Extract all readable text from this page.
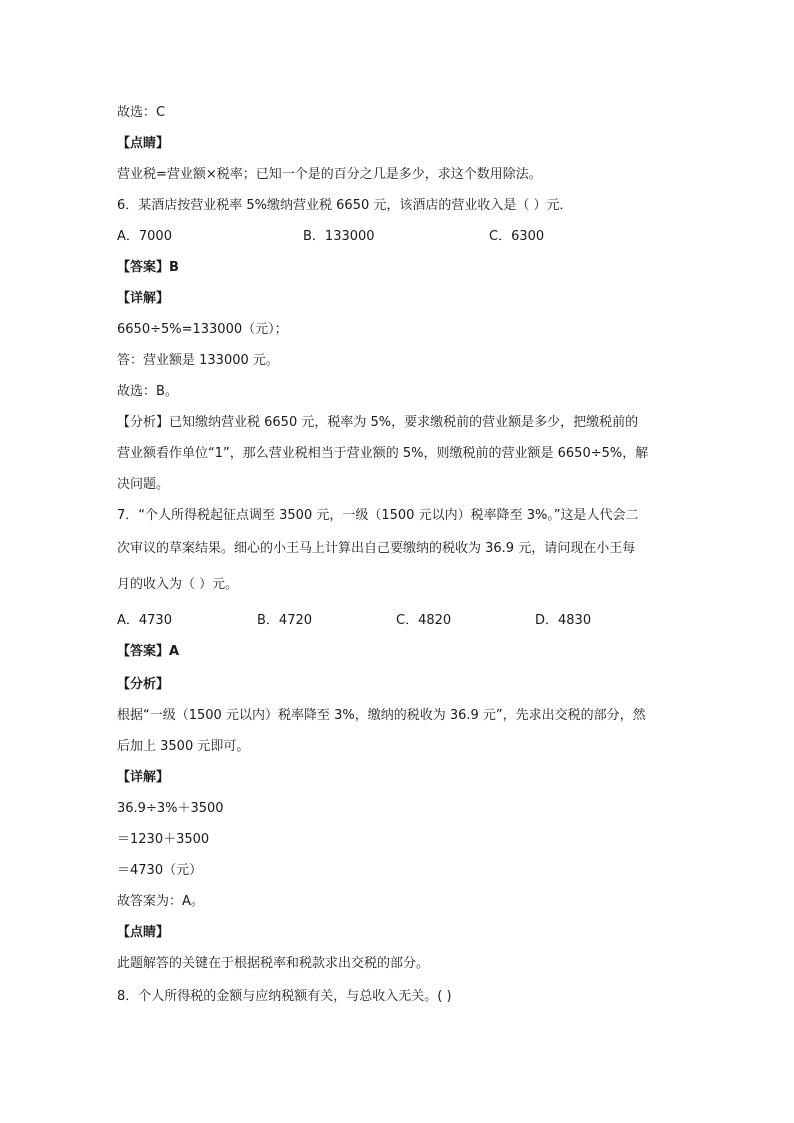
故选：C
【点睛】
营业税=营业额×税率；已知一个是的百分之几是多少，求这个数用除法。
6．某酒店按营业税率 5%缴纳营业税 6650 元，该酒店的营业收入是（ ）元．
A．7000	B．133000	C．6300
【答案】B
【详解】
6650÷5%=133000（元）；
答：营业额是 133000 元。
故选：B。
【分析】已知缴纳营业税 6650 元，税率为 5%，要求缴税前的营业额是多少，把缴税前的
营业额看作单位“1”，那么营业税相当于营业额的 5%，则缴税前的营业额是 6650÷5%，解
决问题。
7．“个人所得税起征点调至 3500 元，一级（1500 元以内）税率降至 3%。”这是人代会二
次审议的草案结果。细心的小王马上计算出自己要缴纳的税收为 36.9 元，请问现在小王每
月的收入为（ ）元。
A．4730	B．4720	C．4820	D．4830
【答案】A
【分析】
根据“一级（1500 元以内）税率降至 3%，缴纳的税收为 36.9 元”，先求出交税的部分，然
后加上 3500 元即可。
【详解】
36.9÷3%＋3500
＝1230＋3500
＝4730（元）
故答案为：A。
【点睛】
此题解答的关键在于根据税率和税款求出交税的部分。
8．个人所得税的金额与应纳税额有关，与总收入无关。( )
